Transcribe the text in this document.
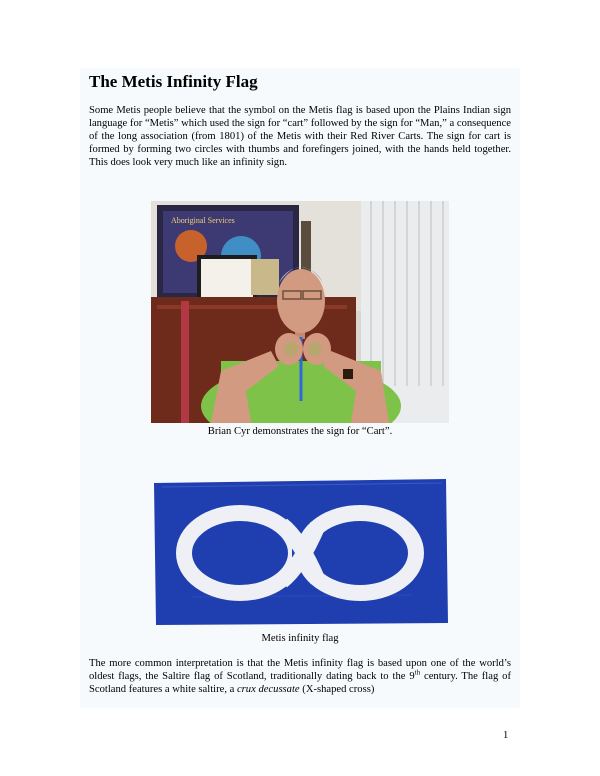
The Metis Infinity Flag
Some Metis people believe that the symbol on the Metis flag is based upon the Plains Indian sign language for “Metis” which used the sign for “cart” followed by the sign for “Man,” a consequence of the long association (from 1801) of the Metis with their Red River Carts. The sign for cart is formed by forming two circles with thumbs and forefingers joined, with the hands held together. This does look very much like an infinity sign.
Aboriginal Services
Brian Cyr demonstrates the sign for “Cart”.
Metis infinity flag
The more common interpretation is that the Metis infinity flag is based upon one of the world’s oldest flags, the Saltire flag of Scotland, traditionally dating back to the 9th century. The flag of Scotland features a white saltire, a crux decussate (X-shaped cross)
1
